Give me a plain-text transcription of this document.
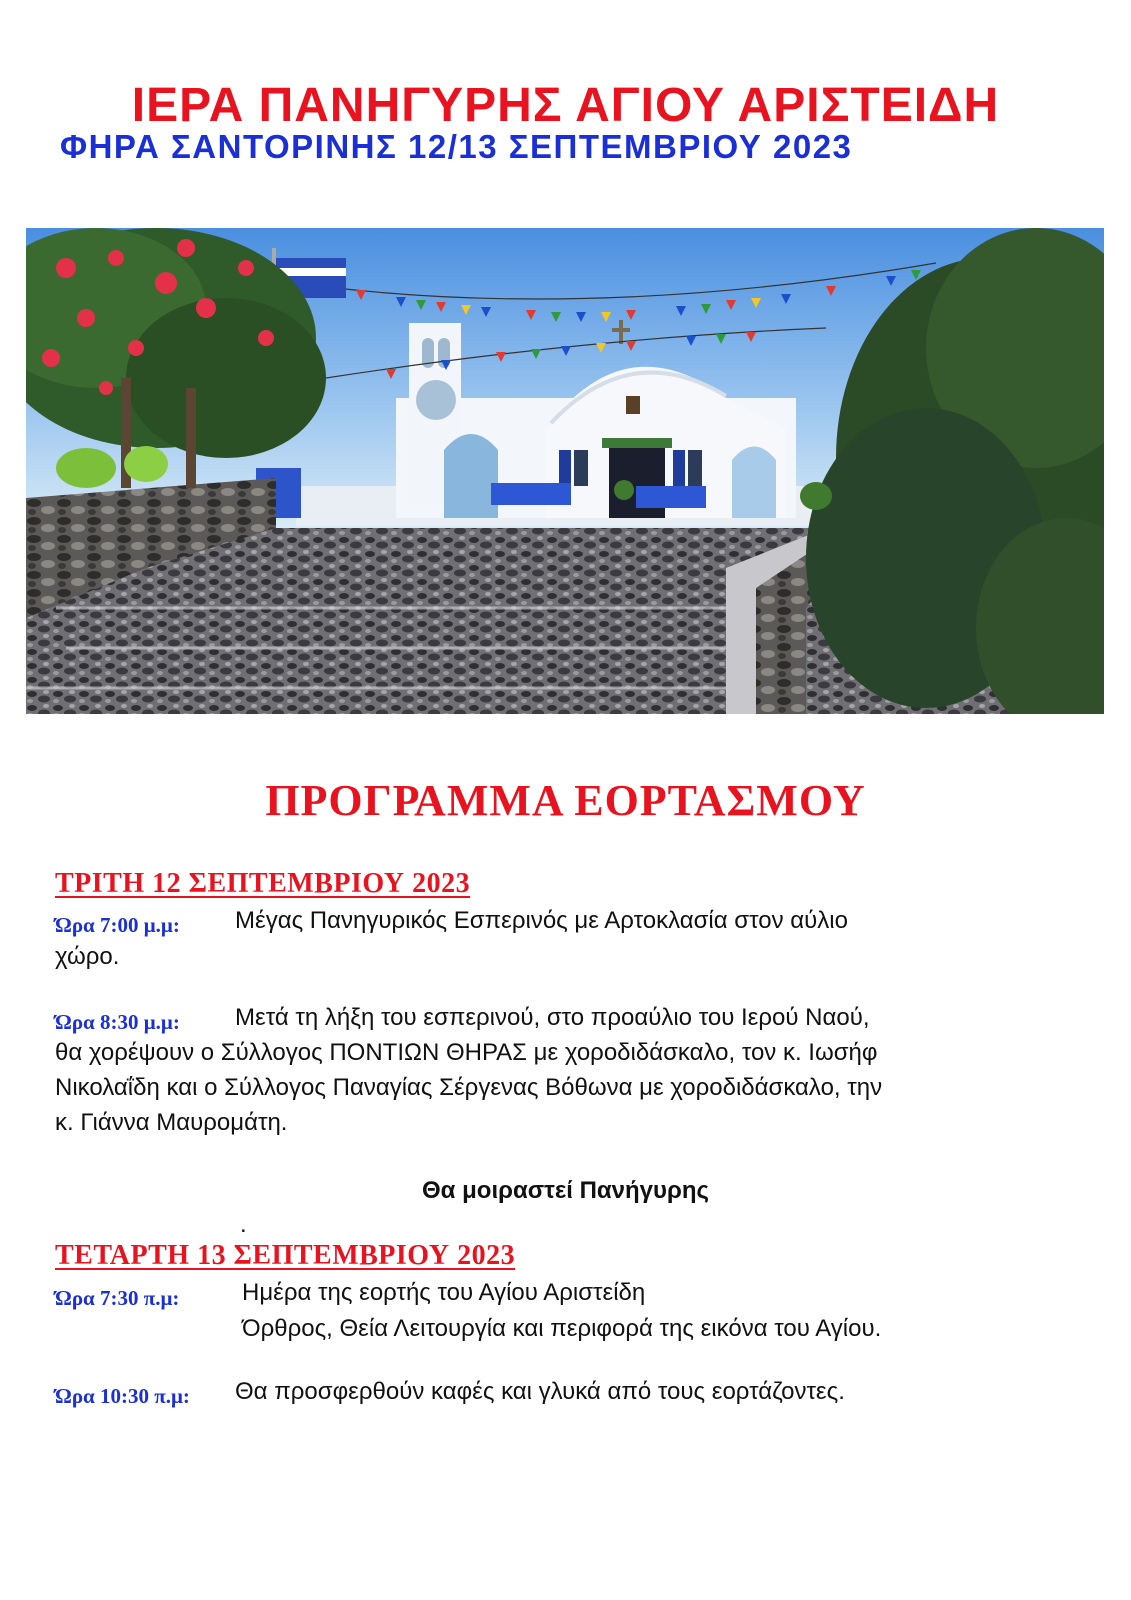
ΙΕΡΑ ΠΑΝΗΓΥΡΗΣ ΑΓΙΟΥ ΑΡΙΣΤΕΙΔΗ
ΦΗΡΑ ΣΑΝΤΟΡΙΝΗΣ 12/13 ΣΕΠΤΕΜΒΡΙΟΥ 2023
ΠΡΟΓΡΑΜΜΑ ΕΟΡΤΑΣΜΟΥ
ΤΡΙΤΗ 12 ΣΕΠΤΕΜΒΡΙΟΥ 2023
Ώρα 7:00 μ.μ: Μέγας Πανηγυρικός Εσπερινός με Αρτοκλασία στον αύλιο
χώρο.
Ώρα 8:30 μ.μ: Μετά τη λήξη του εσπερινού, στο προαύλιο του Ιερού Ναού,
θα χορέψουν ο Σύλλογος ΠΟΝΤΙΩΝ ΘΗΡΑΣ με χοροδιδάσκαλο, τον κ. Ιωσήφ
Νικολαΐδη και ο Σύλλογος Παναγίας Σέργενας Βόθωνα με χοροδιδάσκαλο, την
κ. Γιάννα Μαυρομάτη.
Θα μοιραστεί Πανήγυρης
.
ΤΕΤΑΡΤΗ 13 ΣΕΠΤΕΜΒΡΙΟΥ 2023
Ώρα 7:30 π.μ:	Ημέρα της εορτής του Αγίου Αριστείδη
Όρθρος, Θεία Λειτουργία και περιφορά της εικόνα του Αγίου.
Ώρα 10:30 π.μ: Θα προσφερθούν καφές και γλυκά από τους εορτάζοντες.
